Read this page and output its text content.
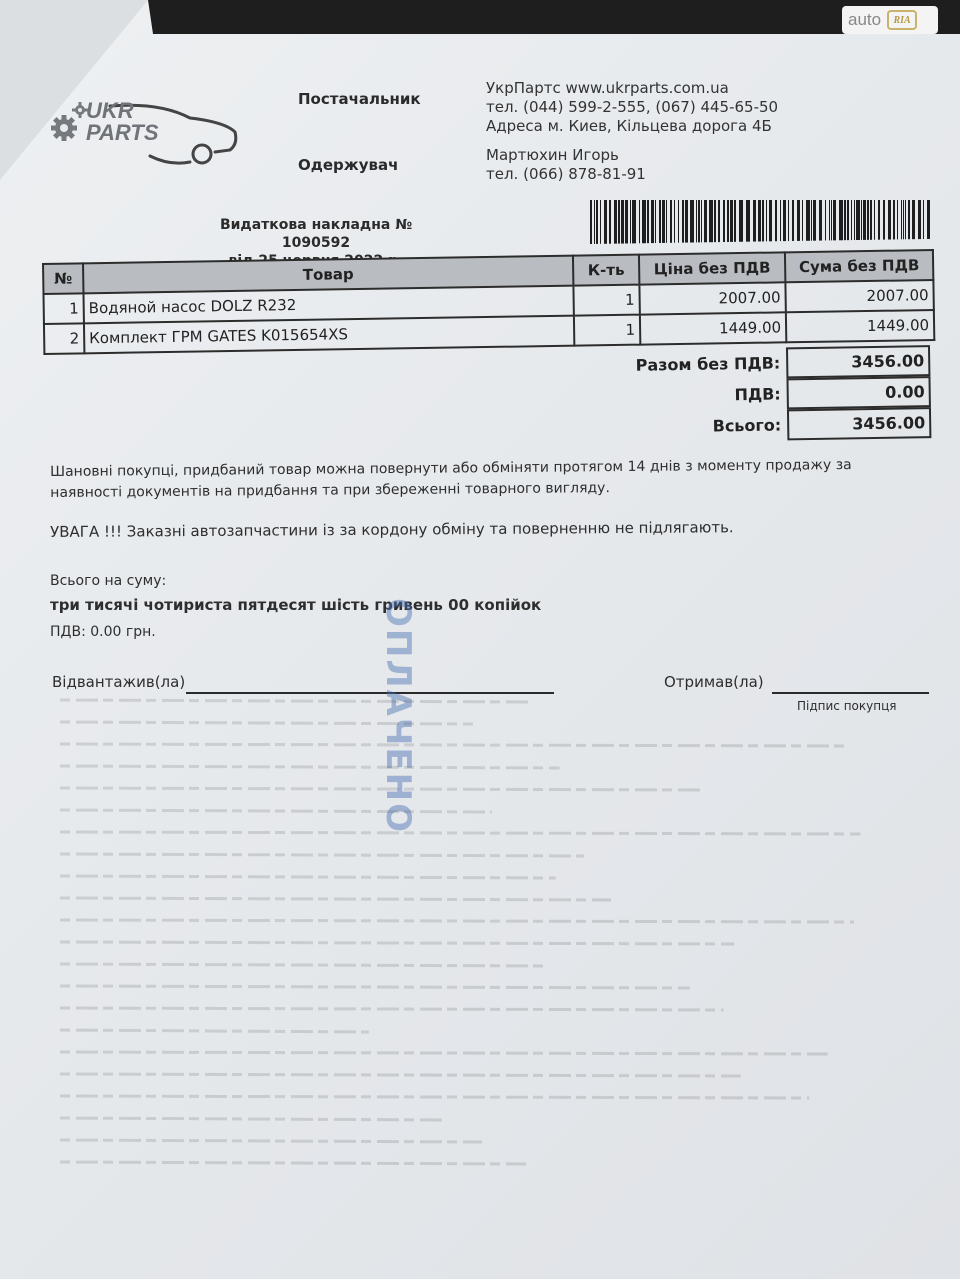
auto	RIA
UKR
PARTS
Постачальник
УкрПартс www.ukrparts.com.ua
тел. (044) 599-2-555, (067) 445-65-50
Адреса м. Киев, Кільцева дорога 4Б
Одержувач
Мартюхин Игорь
тел. (066) 878-81-91
Видаткова накладна № 1090592
№	Товар	К-ть	Ціна без ПДВ	Сума без ПДВ
1	Водяной насос DOLZ R232	1	2007.00	2007.00
2	Комплект ГРМ GATES K015654XS	1	1449.00	1449.00
Разом без ПДВ:	3456.00
ПДВ:	0.00
Всього:	3456.00
Шановні покупці, придбаний товар можна повернути або обміняти протягом 14 днів з моменту продажу за
наявності документів на придбання та при збереженні товарного вигляду.
УВАГА !!! Заказні автозапчастини із за кордону обміну та поверненню не підлягають.
Всього на суму:
три тисячі чотириста пятдесят шість гривень 00 копійок
ПДВ: 0.00 грн.
Відвантажив(ла)	Отримав(ла)
Підпис покупця
ОПЛАЧЕНО
